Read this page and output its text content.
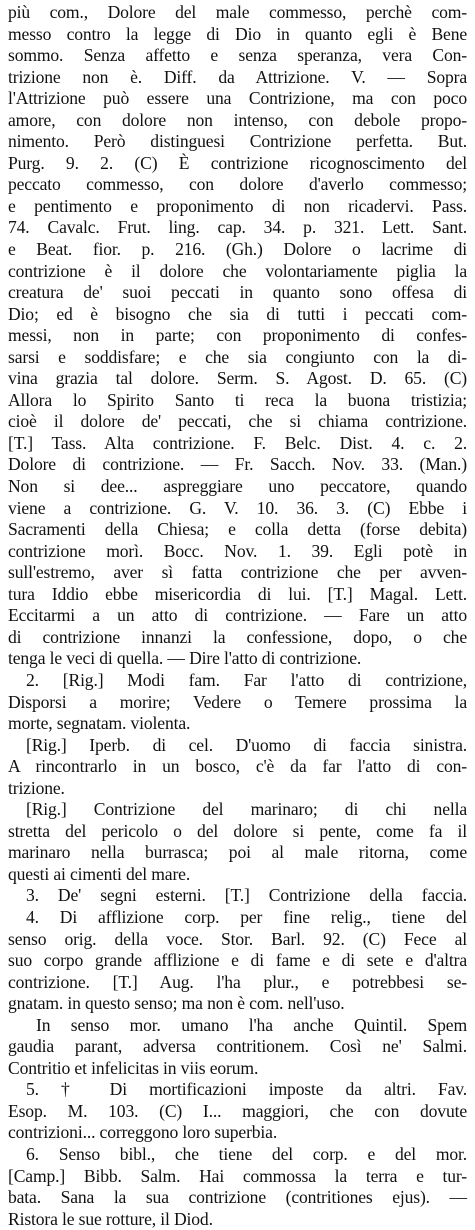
più com., Dolore del male commesso, perchè com-
messo contro la legge di Dio in quanto egli è Bene
sommo. Senza affetto e senza speranza, vera Con-
trizione non è. Diff. da Attrizione. V. — Sopra
l'Attrizione può essere una Contrizione, ma con poco
amore, con dolore non intenso, con debole propo-
nimento. Però distinguesi Contrizione perfetta. But.
Purg. 9. 2. (C) È contrizione ricognoscimento del
peccato commesso, con dolore d'averlo commesso;
e pentimento e proponimento di non ricadervi. Pass.
74. Cavalc. Frut. ling. cap. 34. p. 321. Lett. Sant.
e Beat. fior. p. 216. (Gh.) Dolore o lacrime di
contrizione è il dolore che volontariamente piglia la
creatura de' suoi peccati in quanto sono offesa di
Dio; ed è bisogno che sia di tutti i peccati com-
messi, non in parte; con proponimento di confes-
sarsi e soddisfare; e che sia congiunto con la di-
vina grazia tal dolore. Serm. S. Agost. D. 65. (C)
Allora lo Spirito Santo ti reca la buona tristizia;
cioè il dolore de' peccati, che si chiama contrizione.
[T.] Tass. Alta contrizione. F. Belc. Dist. 4. c. 2.
Dolore di contrizione. — Fr. Sacch. Nov. 33. (Man.)
Non si dee... aspreggiare uno peccatore, quando
viene a contrizione. G. V. 10. 36. 3. (C) Ebbe i
Sacramenti della Chiesa; e colla detta (forse debita)
contrizione morì. Bocc. Nov. 1. 39. Egli potè in
sull'estremo, aver sì fatta contrizione che per avven-
tura Iddio ebbe misericordia di lui. [T.] Magal. Lett.
Eccitarmi a un atto di contrizione. — Fare un atto
di contrizione innanzi la confessione, dopo, o che
tenga le veci di quella. — Dire l'atto di contrizione.
2. [Rig.] Modi fam. Far l'atto di contrizione,
Disporsi a morire; Vedere o Temere prossima la
morte, segnatam. violenta.
[Rig.] Iperb. di cel. D'uomo di faccia sinistra.
A rincontrarlo in un bosco, c'è da far l'atto di con-
trizione.
[Rig.] Contrizione del marinaro; di chi nella
stretta del pericolo o del dolore si pente, come fa il
marinaro nella burrasca; poi al male ritorna, come
questi ai cimenti del mare.
3. De' segni esterni. [T.] Contrizione della faccia.
4. Di afflizione corp. per fine relig., tiene del
senso orig. della voce. Stor. Barl. 92. (C) Fece al
suo corpo grande afflizione e di fame e di sete e d'altra
contrizione. [T.] Aug. l'ha plur., e potrebbesi se-
gnatam. in questo senso; ma non è com. nell'uso.
In senso mor. umano l'ha anche Quintil. Spem
gaudia parant, adversa contritionem. Così ne' Salmi.
Contritio et infelicitas in viis eorum.
5. † Di mortificazioni imposte da altri. Fav.
Esop. M. 103. (C) I... maggiori, che con dovute
contrizioni... correggono loro superbia.
6. Senso bibl., che tiene del corp. e del mor.
[Camp.] Bibb. Salm. Hai commossa la terra e tur-
bata. Sana la sua contrizione (contritiones ejus). —
Ristora le sue rotture, il Diod.
